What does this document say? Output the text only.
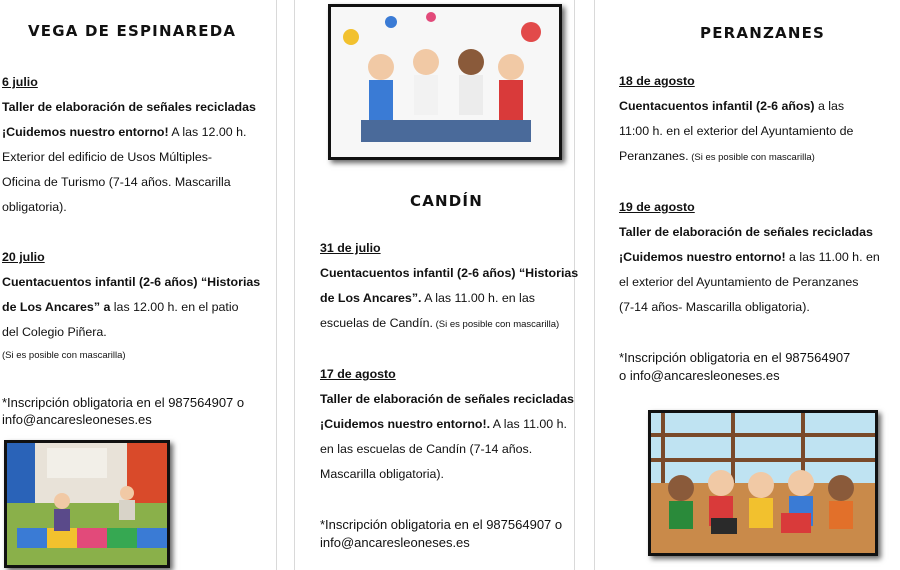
VEGA DE ESPINAREDA
6 julio
Taller de elaboración de señales recicladas
¡Cuidemos nuestro entorno! A las 12.00 h.
Exterior del edificio de Usos Múltiples-
Oficina de Turismo (7-14 años. Mascarilla
obligatoria).
20 julio
Cuentacuentos infantil (2-6 años) “Historias
de Los Ancares” a las 12.00 h. en el patio
del Colegio Piñera.
(Si es posible con mascarilla)
*Inscripción obligatoria en el 987564907 o
info@ancaresleoneses.es
CANDÍN
31 de julio
Cuentacuentos infantil (2-6 años) “Historias
de Los Ancares”. A las 11.00 h. en las
escuelas de Candín. (Si es posible con mascarilla)
17 de agosto
Taller de elaboración de señales recicladas
¡Cuidemos nuestro entorno!. A las 11.00 h.
en las escuelas de Candín (7-14 años.
Mascarilla obligatoria).
*Inscripción obligatoria en el 987564907 o
info@ancaresleoneses.es
PERANZANES
18 de agosto
Cuentacuentos infantil (2-6 años) a las
11:00 h. en el exterior del Ayuntamiento de
Peranzanes. (Si es posible con mascarilla)
19 de agosto
Taller de elaboración de señales recicladas
¡Cuidemos nuestro entorno! a las 11.00 h. en
el exterior del Ayuntamiento de Peranzanes
(7-14 años- Mascarilla obligatoria).
*Inscripción obligatoria en el 987564907
o info@ancaresleoneses.es
